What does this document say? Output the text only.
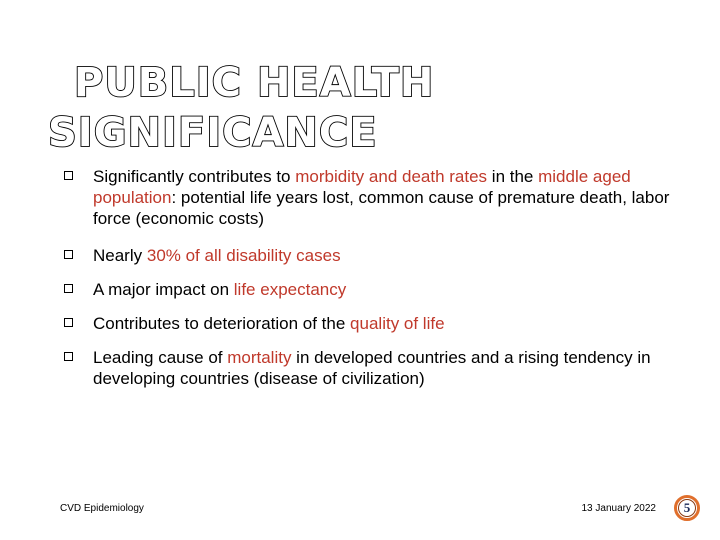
PUBLIC HEALTH
SIGNIFICANCE
Significantly contributes to morbidity and death rates in the middle aged population: potential life years lost, common cause of premature death, labor force (economic costs)
Nearly 30% of all disability cases
A major impact on life expectancy
Contributes to deterioration of the quality of life
Leading cause of mortality in developed countries and a rising tendency in developing countries (disease of civilization)
CVD Epidemiology	13 January 2022 5
